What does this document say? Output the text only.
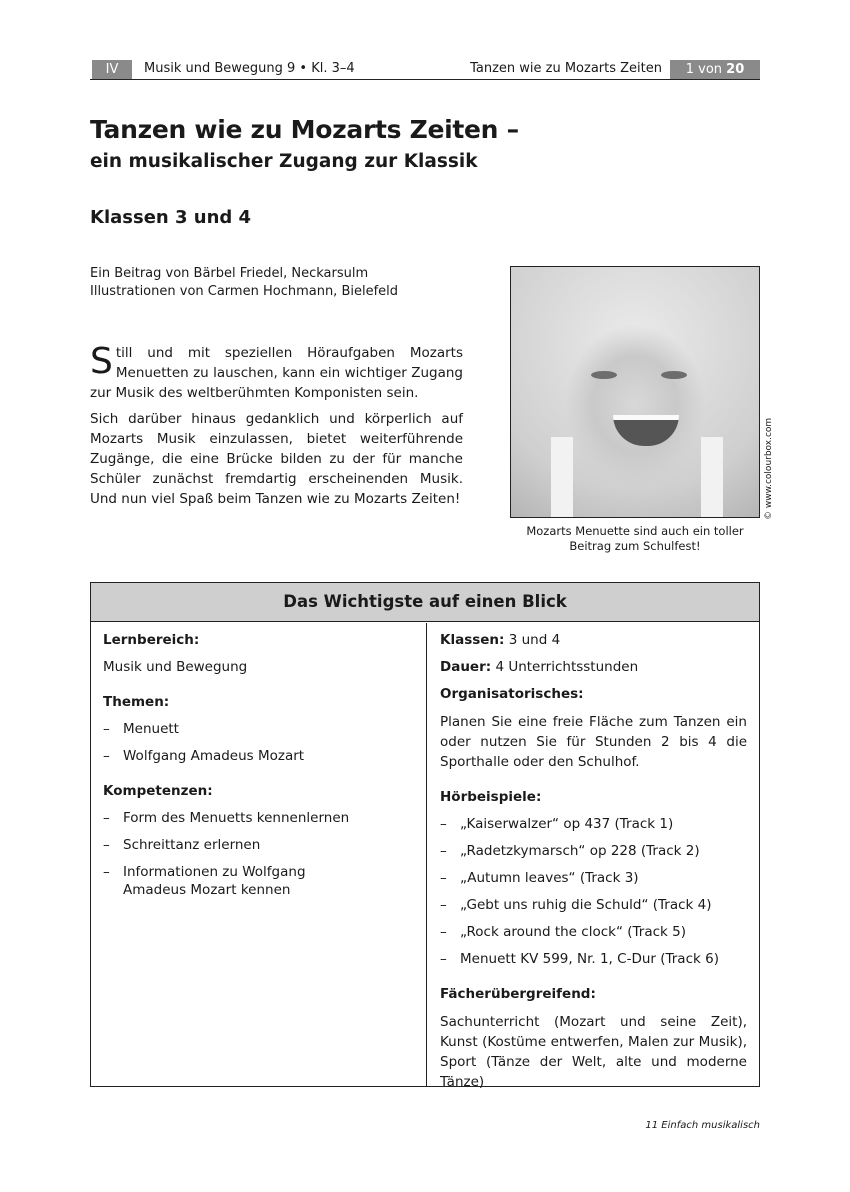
IV	Musik und Bewegung 9 • Kl. 3–4	Tanzen wie zu Mozarts Zeiten	1 von 20
Tanzen wie zu Mozarts Zeiten –
ein musikalischer Zugang zur Klassik
Klassen 3 und 4
Ein Beitrag von Bärbel Friedel, Neckarsulm
Illustrationen von Carmen Hochmann, Bielefeld

Still und mit speziellen Höraufgaben Mozarts Menuetten zu lauschen, kann ein wichtiger Zugang zur Musik des weltberühmten Komponisten sein.

Sich darüber hinaus gedanklich und körperlich auf Mozarts Musik einzulassen, bietet weiterführende Zugänge, die eine Brücke bilden zu der für manche Schüler zunächst fremdartig erscheinenden Musik. Und nun viel Spaß beim Tanzen wie zu Mozarts Zeiten!	© www.colourbox.com
Mozarts Menuette sind auch ein toller Beitrag zum Schulfest!
Das Wichtigste auf einen Blick
Lernbereich:
Musik und Bewegung
Themen:
– Menuett
– Wolfgang Amadeus Mozart
Kompetenzen:
– Form des Menuetts kennenlernen
– Schreittanz erlernen
– Informationen zu Wolfgang Amadeus Mozart kennen
Klassen: 3 und 4
Dauer: 4 Unterrichtsstunden
Organisatorisches:
Planen Sie eine freie Fläche zum Tanzen ein oder nutzen Sie für Stunden 2 bis 4 die Sporthalle oder den Schulhof.
Hörbeispiele:
– „Kaiserwalzer“ op 437 (Track 1)
– „Radetzkymarsch“ op 228 (Track 2)
– „Autumn leaves“ (Track 3)
– „Gebt uns ruhig die Schuld“ (Track 4)
– „Rock around the clock“ (Track 5)
– Menuett KV 599, Nr. 1, C-Dur (Track 6)
Fächerübergreifend:
Sachunterricht (Mozart und seine Zeit), Kunst (Kostüme entwerfen, Malen zur Musik), Sport (Tänze der Welt, alte und moderne Tänze)
11 Einfach musikalisch
